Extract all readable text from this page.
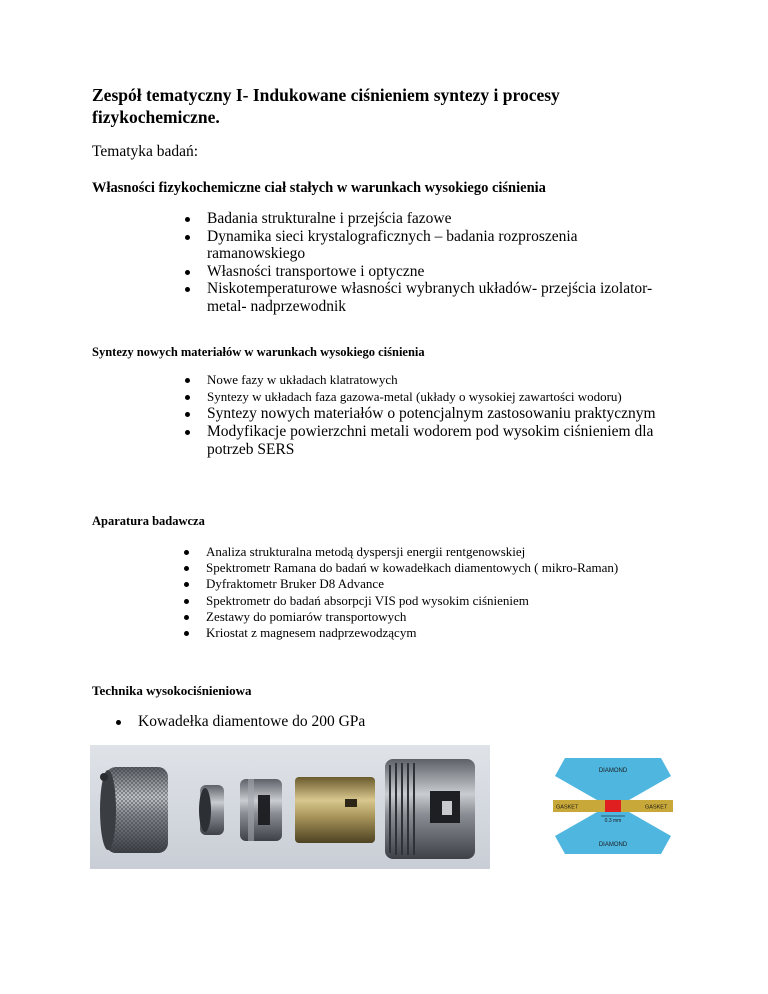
Zespół tematyczny I- Indukowane ciśnieniem syntezy i procesy fizykochemiczne.

Tematyka badań:

Własności fizykochemiczne ciał stałych w warunkach wysokiego ciśnienia
Badania strukturalne i przejścia fazowe
Dynamika sieci krystalograficznych – badania rozproszenia ramanowskiego
Własności transportowe i optyczne
Niskotemperaturowe własności wybranych układów- przejścia izolator- metal- nadprzewodnik
Syntezy nowych materiałów w warunkach wysokiego ciśnienia
Nowe fazy w układach klatratowych
Syntezy w układach faza gazowa-metal (układy o wysokiej zawartości wodoru)
Syntezy nowych materiałów o potencjalnym zastosowaniu praktycznym
Modyfikacje powierzchni metali wodorem pod wysokim ciśnieniem dla potrzeb SERS
Aparatura badawcza
Analiza strukturalna metodą dyspersji energii rentgenowskiej
Spektrometr Ramana do badań w kowadełkach diamentowych ( mikro-Raman)
Dyfraktometr Bruker D8 Advance
Spektrometr do badań absorpcji VIS pod wysokim ciśnieniem
Zestawy do pomiarów transportowych
Kriostat z magnesem nadprzewodzącym
Technika wysokociśnieniowa
Kowadełka diamentowe do 200 GPa
DIAMOND
DIAMOND
GASKET	GASKET
0.3 mm
